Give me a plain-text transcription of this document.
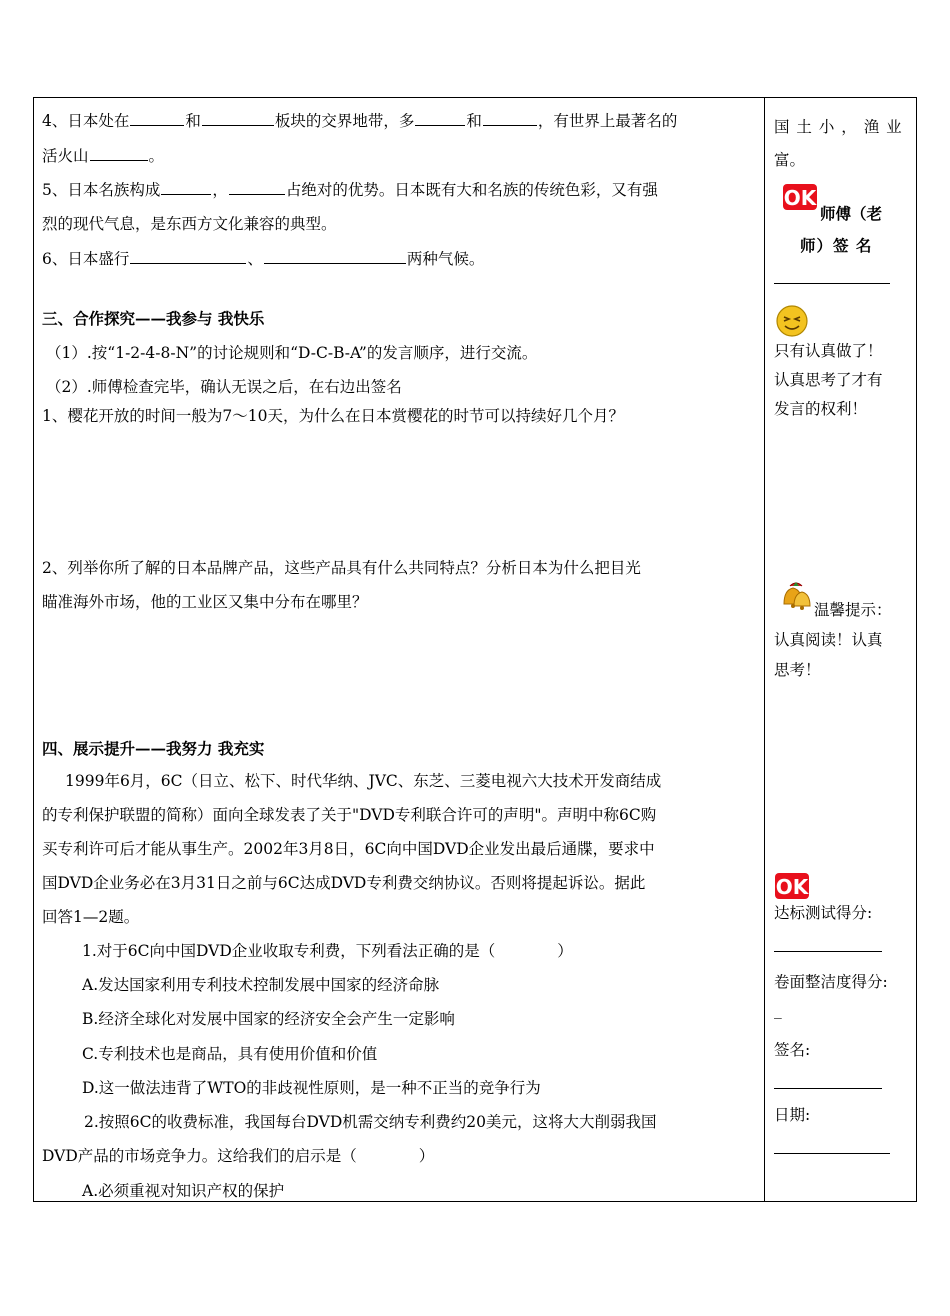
4、日本处在	和	板块的交界地带，多	和	，有世界上最著名的
活火山	。
5、日本名族构成	，	占绝对的优势。日本既有大和名族的传统色彩，又有强
烈的现代气息，是东西方文化兼容的典型。
6、日本盛行	、	两种气候。
三、合作探究——我参与 我快乐
（1）.按“1-2-4-8-N”的讨论规则和“D-C-B-A”的发言顺序，进行交流。
（2）.师傅检查完毕，确认无误之后，在右边出签名
1、樱花开放的时间一般为7～10天，为什么在日本赏樱花的时节可以持续好几个月？
2、列举你所了解的日本品牌产品，这些产品具有什么共同特点？分析日本为什么把目光
瞄准海外市场，他的工业区又集中分布在哪里？
四、展示提升——我努力 我充实
1999年6月，6C（日立、松下、时代华纳、JVC、东芝、三菱电视六大技术开发商结成
的专利保护联盟的简称）面向全球发表了关于"DVD专利联合许可的声明"。声明中称6C购
买专利许可后才能从事生产。2002年3月8日，6C向中国DVD企业发出最后通牒，要求中
国DVD企业务必在3月31日之前与6C达成DVD专利费交纳协议。否则将提起诉讼。据此
回答1—2题。
1.对于6C向中国DVD企业收取专利费，下列看法正确的是（　　　　）
A.发达国家利用专利技术控制发展中国家的经济命脉
B.经济全球化对发展中国家的经济安全会产生一定影响
C.专利技术也是商品，具有使用价值和价值
D.这一做法违背了WTO的非歧视性原则，是一种不正当的竞争行为
2.按照6C的收费标准，我国每台DVD机需交纳专利费约20美元，这将大大削弱我国
DVD产品的市场竞争力。这给我们的启示是（　　　　）
A.必须重视对知识产权的保护
国 土 小 ， 渔 业
富。
OK
师傅（老
师）签 名
只有认真做了！
认真思考了才有
发言的权利！
温馨提示：
认真阅读！认真
思考！
OK
达标测试得分:
卷面整洁度得分:
_
签名:
日期:
